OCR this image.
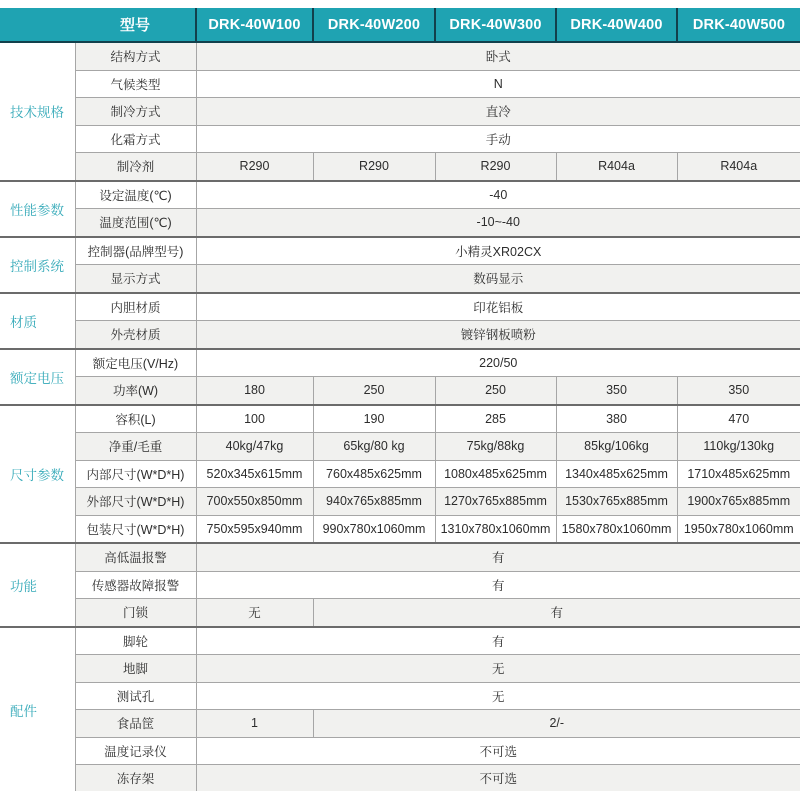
	型号	DRK-40W100	DRK-40W200	DRK-40W300	DRK-40W400	DRK-40W500
技术规格	结构方式	卧式				
	气候类型	N				
	制冷方式	直冷				
	化霜方式	手动				
	制冷剂	R290	R290	R290	R404a	R404a
性能参数	设定温度(℃)	-40				
	温度范围(℃)	-10~-40				
控制系统	控制器(品牌型号)	小精灵XR02CX				
	显示方式	数码显示				
材质	内胆材质	印花铝板				
	外壳材质	镀锌钢板喷粉				
额定电压	额定电压(V/Hz)	220/50				
	功率(W)	180	250	250	350	350
尺寸参数	容积(L)	100	190	285	380	470
	净重/毛重	40kg/47kg	65kg/80 kg	75kg/88kg	85kg/106kg	110kg/130kg
	内部尺寸(W*D*H)	520x345x615mm	760x485x625mm	1080x485x625mm	1340x485x625mm	1710x485x625mm
	外部尺寸(W*D*H)	700x550x850mm	940x765x885mm	1270x765x885mm	1530x765x885mm	1900x765x885mm
	包装尺寸(W*D*H)	750x595x940mm	990x780x1060mm	1310x780x1060mm	1580x780x1060mm	1950x780x1060mm
功能	高低温报警	有				
	传感器故障报警	有				
	门锁	无	有			
配件	脚轮	有				
	地脚	无				
	测试孔	无				
	食品筐	1	2/-			
	温度记录仪	不可选				
	冻存架	不可选				
